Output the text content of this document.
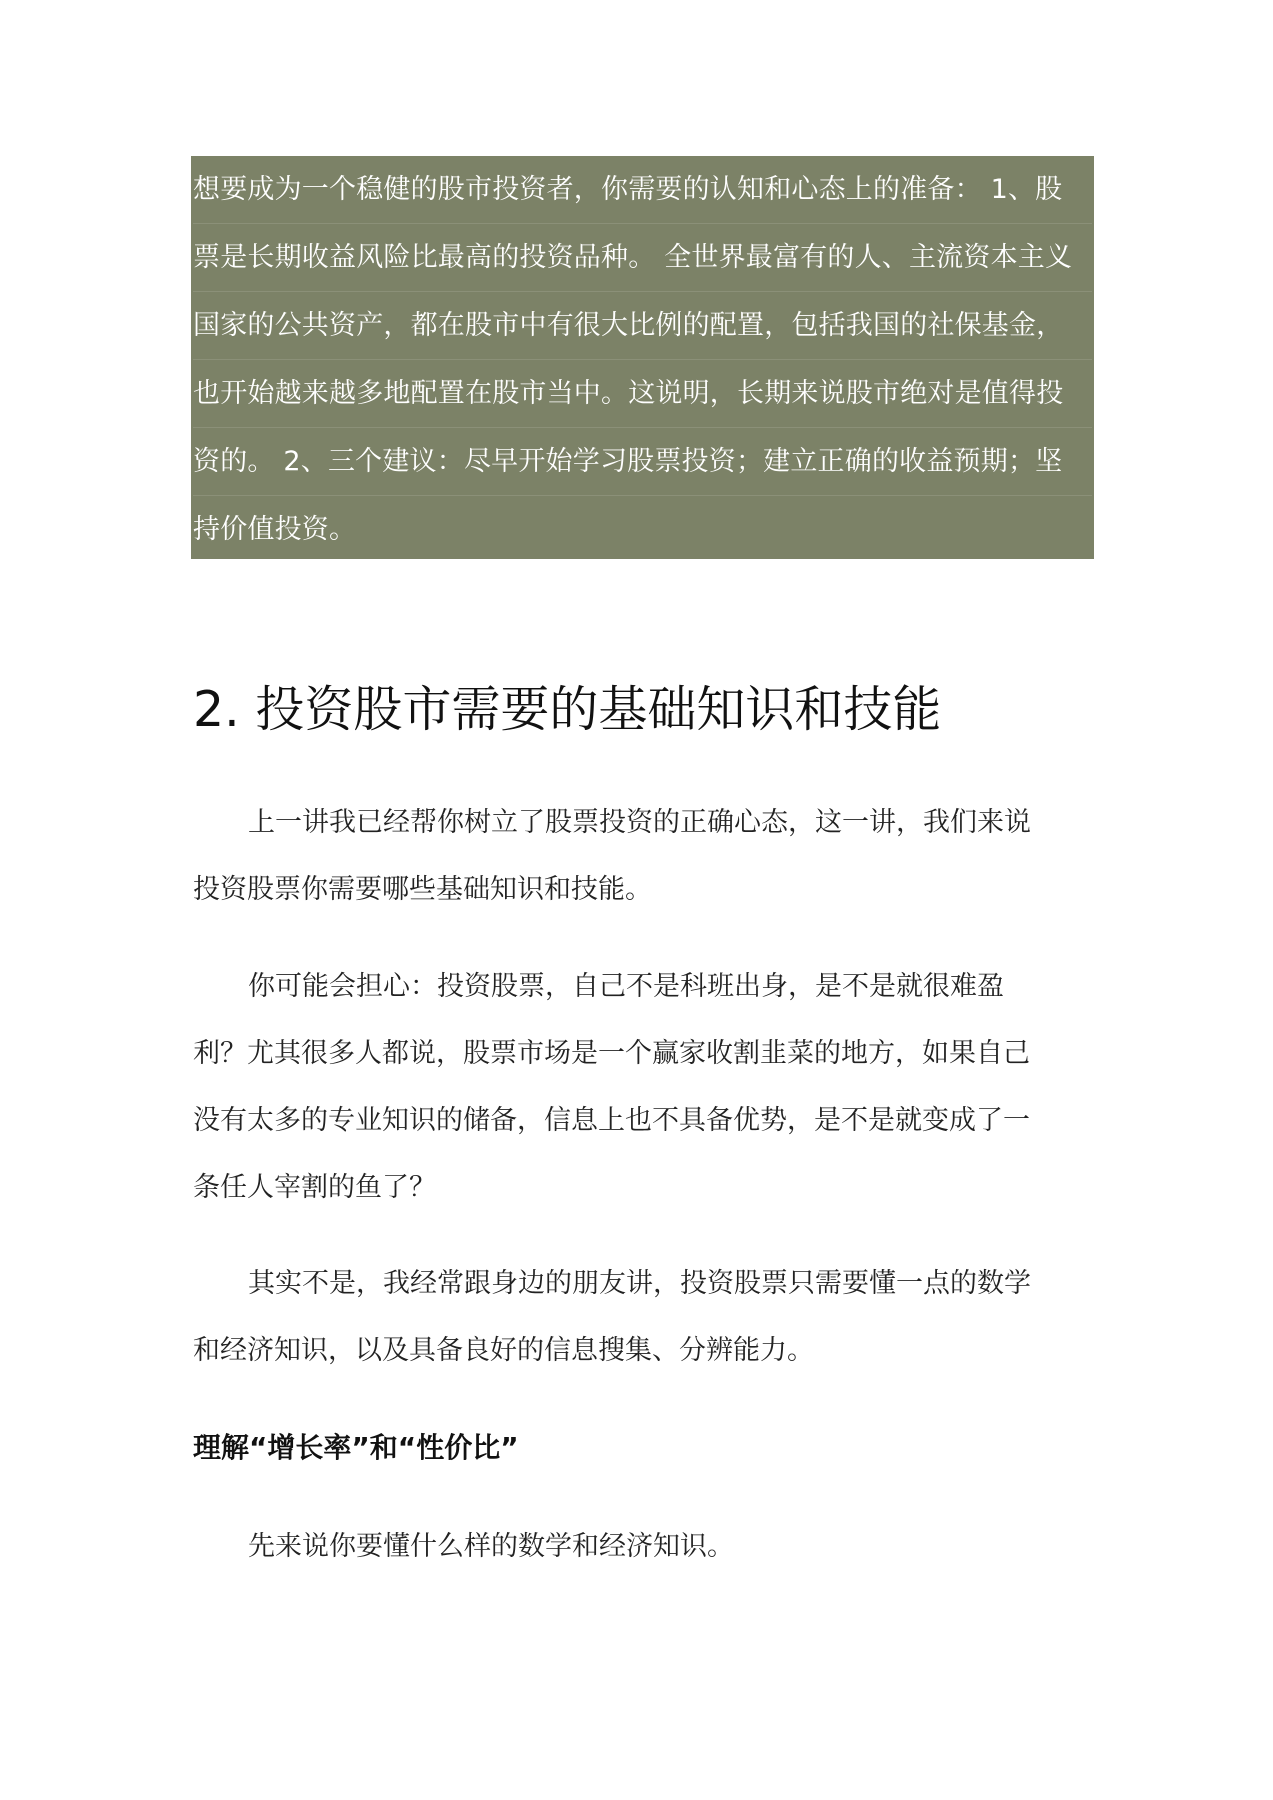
想要成为一个稳健的股市投资者，你需要的认知和心态上的准备： 1、股
票是长期收益风险比最高的投资品种。 全世界最富有的人、主流资本主义
国家的公共资产，都在股市中有很大比例的配置，包括我国的社保基金，
也开始越来越多地配置在股市当中。这说明，长期来说股市绝对是值得投
资的。 2、三个建议：尽早开始学习股票投资；建立正确的收益预期；坚
持价值投资。
2. 投资股市需要的基础知识和技能
上一讲我已经帮你树立了股票投资的正确心态，这一讲，我们来说
投资股票你需要哪些基础知识和技能。
你可能会担心：投资股票，自己不是科班出身，是不是就很难盈
利？尤其很多人都说，股票市场是一个赢家收割韭菜的地方，如果自己
没有太多的专业知识的储备，信息上也不具备优势，是不是就变成了一
条任人宰割的鱼了？
其实不是，我经常跟身边的朋友讲，投资股票只需要懂一点的数学
和经济知识，以及具备良好的信息搜集、分辨能力。
理解“增长率”和“性价比”
先来说你要懂什么样的数学和经济知识。
